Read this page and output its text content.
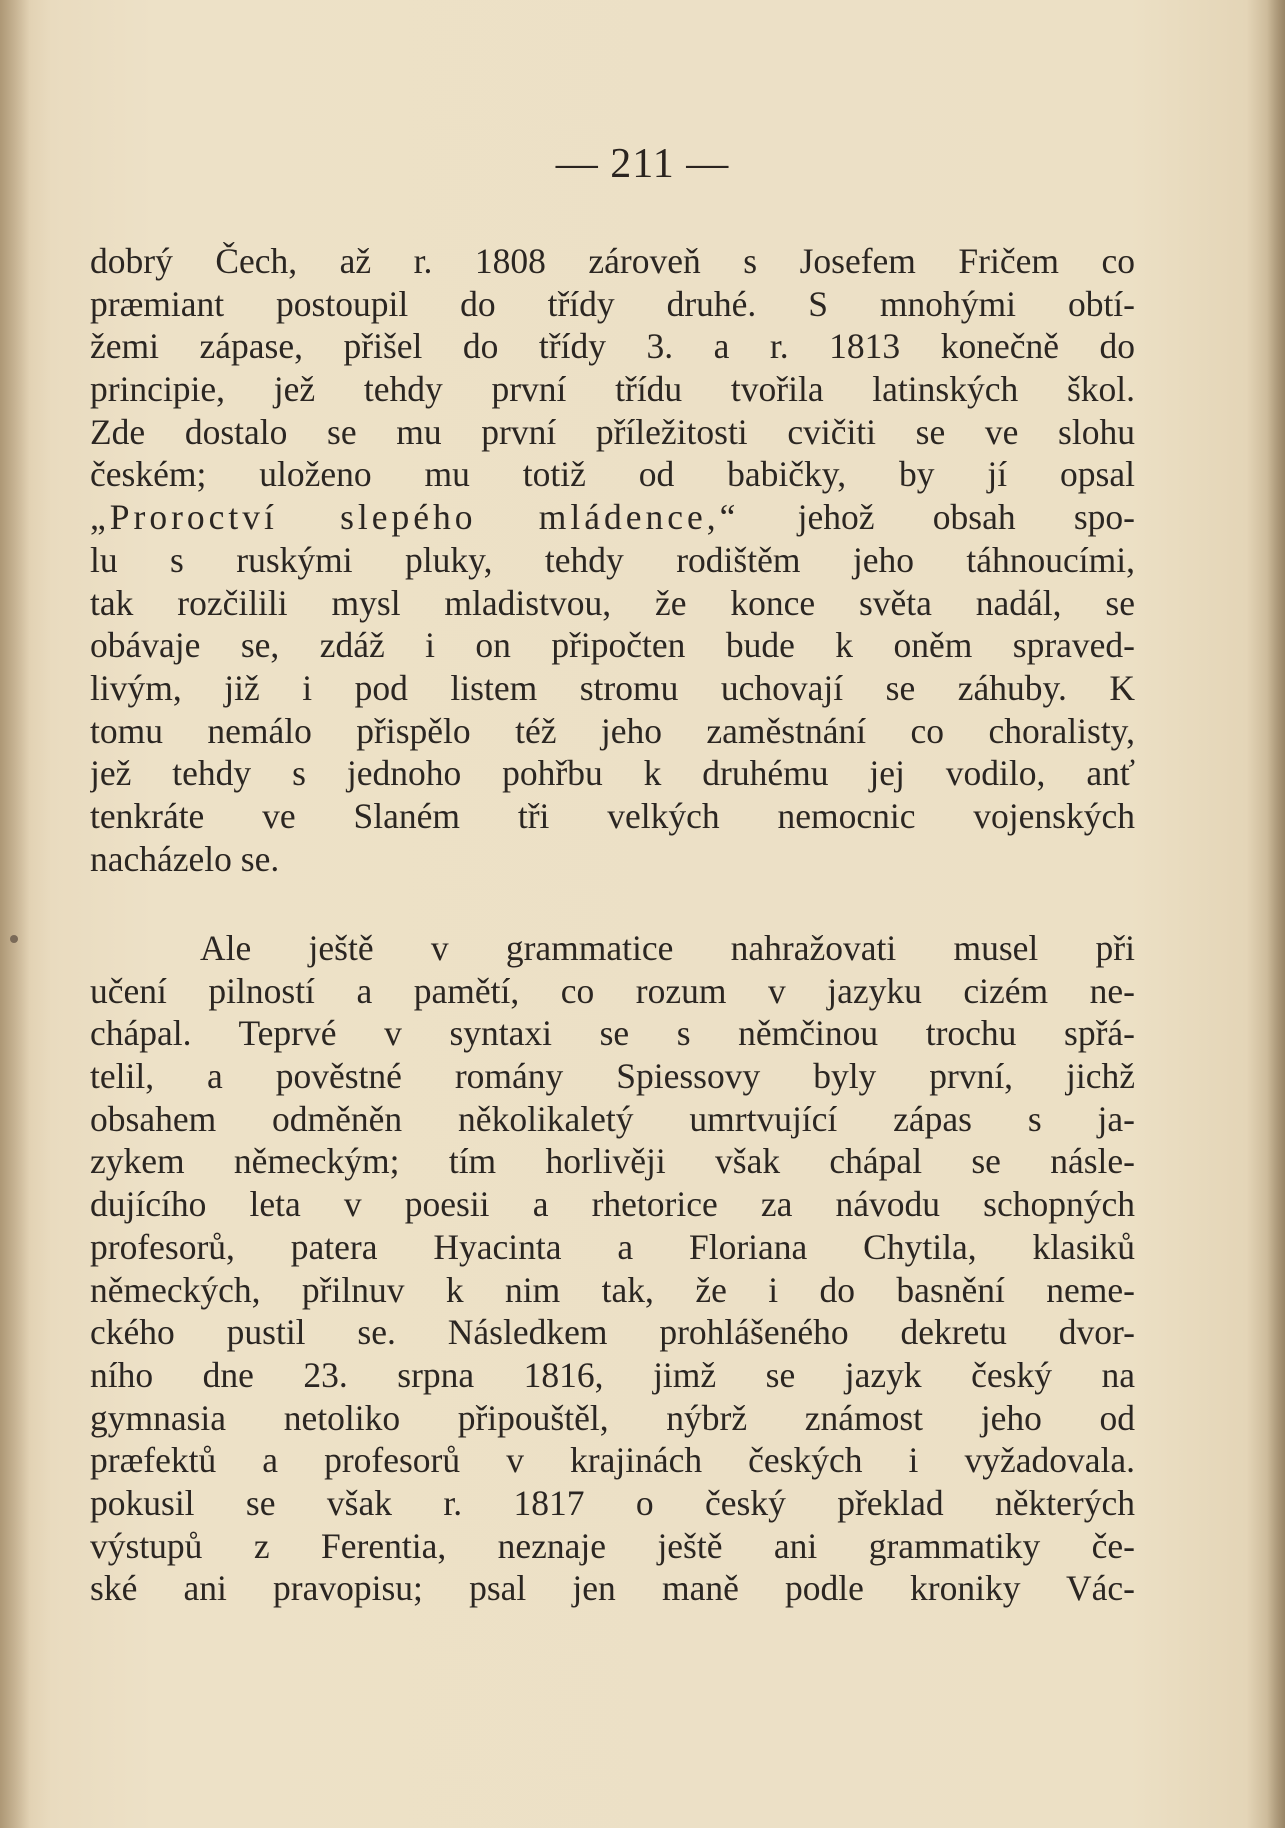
— 211 —
dobrý Čech, až r. 1808 zároveň s Josefem Fričem co
præmiant postoupil do třídy druhé. S mnohými obtí-
žemi zápase, přišel do třídy 3. a r. 1813 konečně do
principie, jež tehdy první třídu tvořila latinských škol.
Zde dostalo se mu první příležitosti cvičiti se ve slohu
českém; uloženo mu totiž od babičky, by jí opsal
„Proroctví slepého mládence,“ jehož obsah spo-
lu s ruskými pluky, tehdy rodištěm jeho táhnoucími,
tak rozčilili mysl mladistvou, že konce světa nadál, se
obávaje se, zdáž i on připočten bude k oněm spraved-
livým, již i pod listem stromu uchovají se záhuby. K
tomu nemálo přispělo též jeho zaměstnání co choralisty,
jež tehdy s jednoho pohřbu k druhému jej vodilo, anť
tenkráte ve Slaném tři velkých nemocnic vojenských
nacházelo se.
Ale ještě v grammatice nahražovati musel při
učení pilností a pamětí, co rozum v jazyku cizém ne-
chápal. Teprvé v syntaxi se s němčinou trochu spřá-
telil, a pověstné romány Spiessovy byly první, jichž
obsahem odměněn několikaletý umrtvující zápas s ja-
zykem německým; tím horlivěji však chápal se násle-
dujícího leta v poesii a rhetorice za návodu schopných
profesorů, patera Hyacinta a Floriana Chytila, klasiků
německých, přilnuv k nim tak, že i do basnění neme-
ckého pustil se. Následkem prohlášeného dekretu dvor-
ního dne 23. srpna 1816, jimž se jazyk český na
gymnasia netoliko připouštěl, nýbrž známost jeho od
præfektů a profesorů v krajinách českých i vyžadovala.
pokusil se však r. 1817 o český překlad některých
výstupů z Ferentia, neznaje ještě ani grammatiky če-
ské ani pravopisu; psal jen maně podle kroniky Vác-
